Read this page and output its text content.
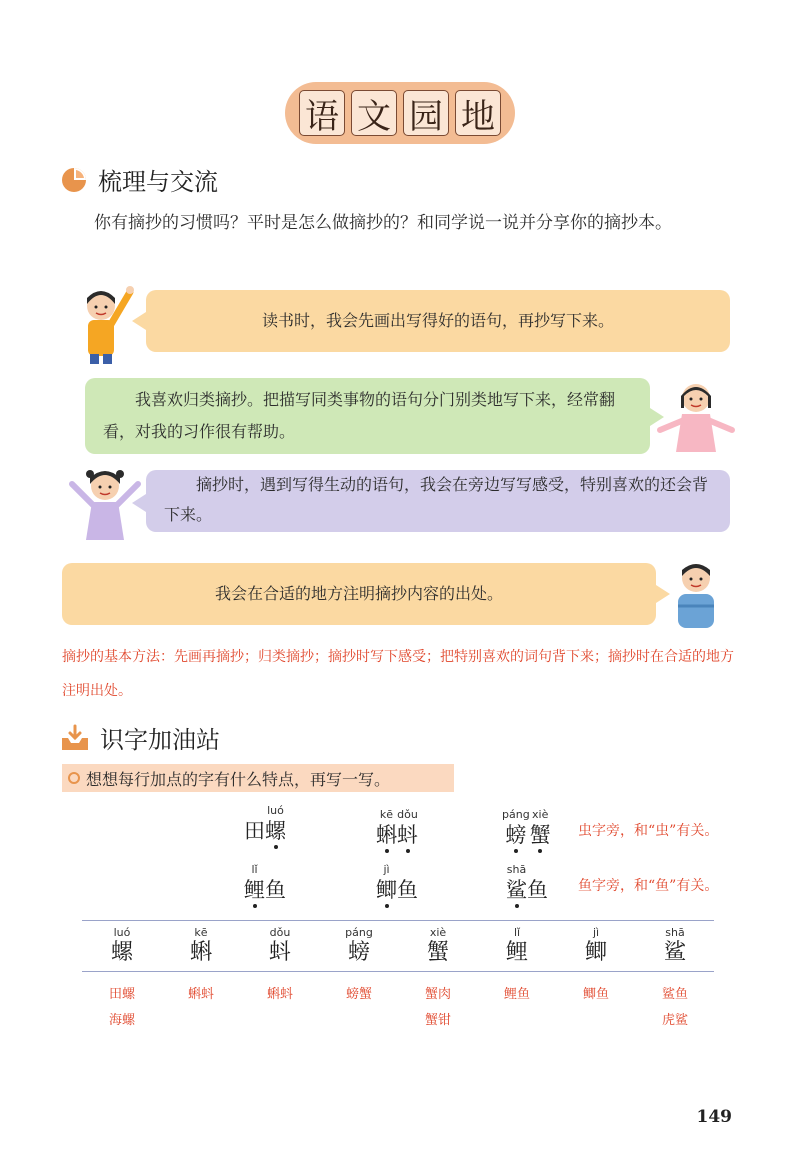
语 文 园 地
梳理与交流
你有摘抄的习惯吗？平时是怎么做摘抄的？和同学说一说并分享你的摘抄本。
读书时，我会先画出写得好的语句，再抄写下来。
我喜欢归类摘抄。把描写同类事物的语句分门别类地写下来，经常翻看，对我的习作很有帮助。
摘抄时，遇到写得生动的语句，我会在旁边写写感受，特别喜欢的还会背下来。
我会在合适的地方注明摘抄内容的出处。
摘抄的基本方法：先画再摘抄；归类摘抄；摘抄时写下感受；把特别喜欢的词句背下来；摘抄时在合适的地方注明出处。
识字加油站
想想每行加点的字有什么特点，再写一写。
田
luó
螺
kē
蝌
dǒu
蚪
páng
螃
xiè
蟹 虫字旁，和“虫”有关。
lǐ
鲤 鱼
jì
鲫 鱼
shā
鲨 鱼 鱼字旁，和“鱼”有关。
luó
螺
田螺
海螺
kē
蝌
蝌蚪
dǒu
蚪
蝌蚪
páng
螃
螃蟹
xiè
蟹
蟹肉
蟹钳
lǐ
鲤
鲤鱼
jì
鲫
鲫鱼
shā
鲨
鲨鱼
虎鲨
149
